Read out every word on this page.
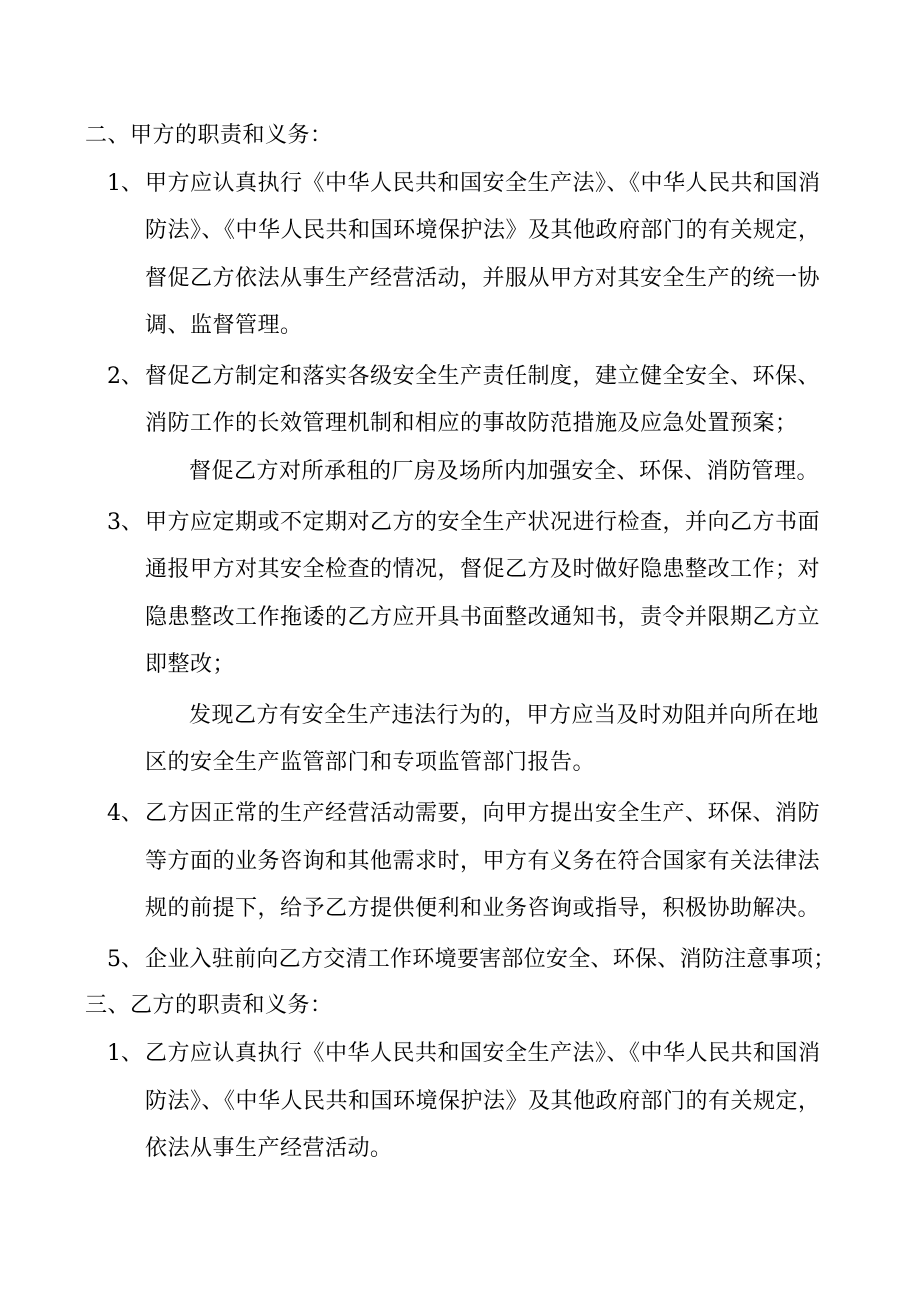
二、甲方的职责和义务：
1、 甲方应认真执行《中华人民共和国安全生产法》、《中华人民共和国消
防法》、《中华人民共和国环境保护法》及其他政府部门的有关规定，
督促乙方依法从事生产经营活动，并服从甲方对其安全生产的统一协
调、监督管理。
2、 督促乙方制定和落实各级安全生产责任制度，建立健全安全、环保、
消防工作的长效管理机制和相应的事故防范措施及应急处置预案；
督促乙方对所承租的厂房及场所内加强安全、环保、消防管理。
3、 甲方应定期或不定期对乙方的安全生产状况进行检查，并向乙方书面
通报甲方对其安全检查的情况，督促乙方及时做好隐患整改工作；对
隐患整改工作拖诿的乙方应开具书面整改通知书，责令并限期乙方立
即整改；
发现乙方有安全生产违法行为的，甲方应当及时劝阻并向所在地
区的安全生产监管部门和专项监管部门报告。
4、 乙方因正常的生产经营活动需要，向甲方提出安全生产、环保、消防
等方面的业务咨询和其他需求时，甲方有义务在符合国家有关法律法
规的前提下，给予乙方提供便利和业务咨询或指导，积极协助解决。
5、 企业入驻前向乙方交清工作环境要害部位安全、环保、消防注意事项；
三、乙方的职责和义务：
1、 乙方应认真执行《中华人民共和国安全生产法》、《中华人民共和国消
防法》、《中华人民共和国环境保护法》及其他政府部门的有关规定，
依法从事生产经营活动。
